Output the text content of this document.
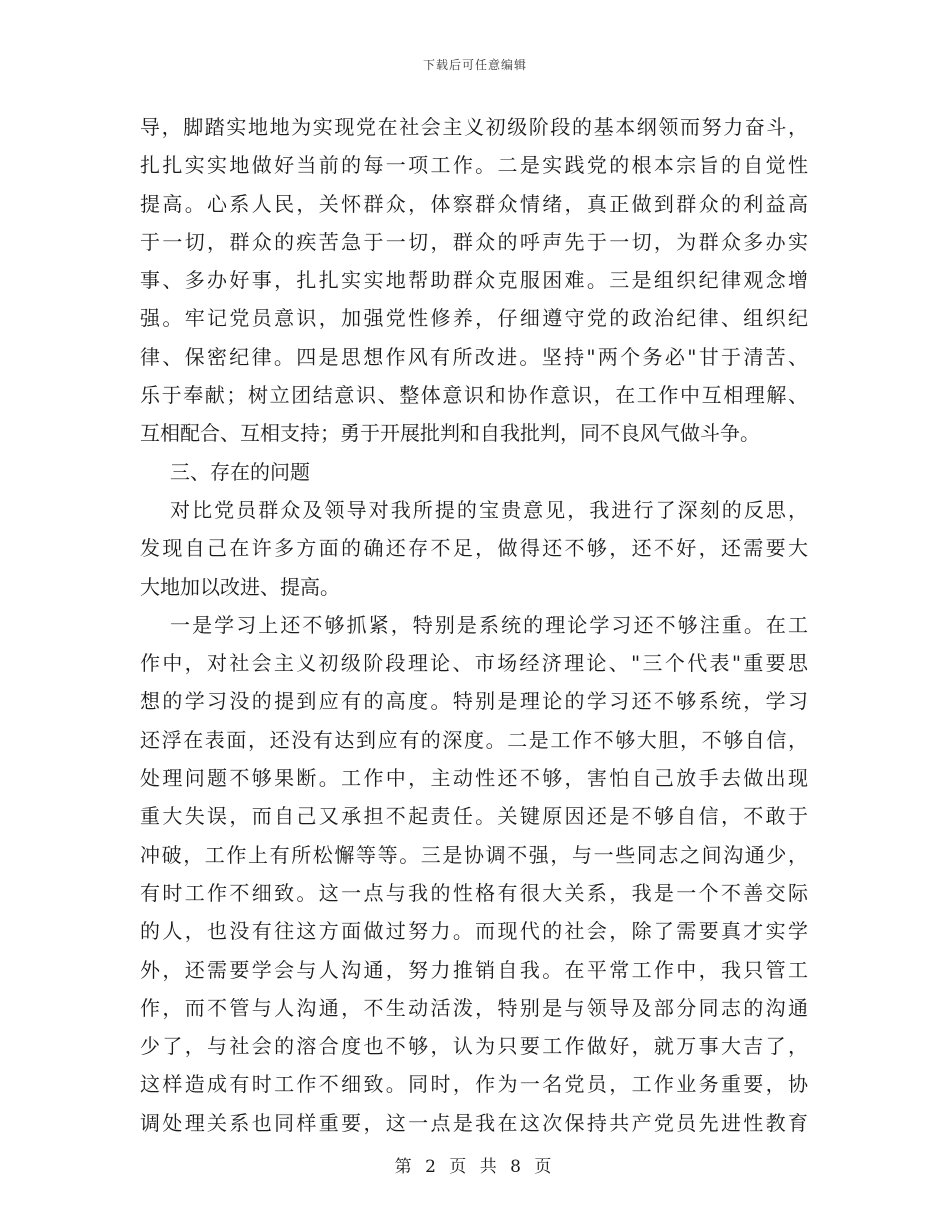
下载后可任意编辑
导，脚踏实地地为实现党在社会主义初级阶段的基本纲领而努力奋斗，
扎扎实实地做好当前的每一项工作。二是实践党的根本宗旨的自觉性
提高。心系人民，关怀群众，体察群众情绪，真正做到群众的利益高
于一切，群众的疾苦急于一切，群众的呼声先于一切，为群众多办实
事、多办好事，扎扎实实地帮助群众克服困难。三是组织纪律观念增
强。牢记党员意识，加强党性修养，仔细遵守党的政治纪律、组织纪
律、保密纪律。四是思想作风有所改进。坚持"两个务必"甘于清苦、
乐于奉献；树立团结意识、整体意识和协作意识，在工作中互相理解、
互相配合、互相支持；勇于开展批判和自我批判，同不良风气做斗争。
三、存在的问题
对比党员群众及领导对我所提的宝贵意见，我进行了深刻的反思，
发现自己在许多方面的确还存不足，做得还不够，还不好，还需要大
大地加以改进、提高。
一是学习上还不够抓紧，特别是系统的理论学习还不够注重。在工
作中，对社会主义初级阶段理论、市场经济理论、"三个代表"重要思
想的学习没的提到应有的高度。特别是理论的学习还不够系统，学习
还浮在表面，还没有达到应有的深度。二是工作不够大胆，不够自信，
处理问题不够果断。工作中，主动性还不够，害怕自己放手去做出现
重大失误，而自己又承担不起责任。关键原因还是不够自信，不敢于
冲破，工作上有所松懈等等。三是协调不强，与一些同志之间沟通少，
有时工作不细致。这一点与我的性格有很大关系，我是一个不善交际
的人，也没有往这方面做过努力。而现代的社会，除了需要真才实学
外，还需要学会与人沟通，努力推销自我。在平常工作中，我只管工
作，而不管与人沟通，不生动活泼，特别是与领导及部分同志的沟通
少了，与社会的溶合度也不够，认为只要工作做好，就万事大吉了，
这样造成有时工作不细致。同时，作为一名党员，工作业务重要，协
调处理关系也同样重要，这一点是我在这次保持共产党员先进性教育
第 2 页 共 8 页
